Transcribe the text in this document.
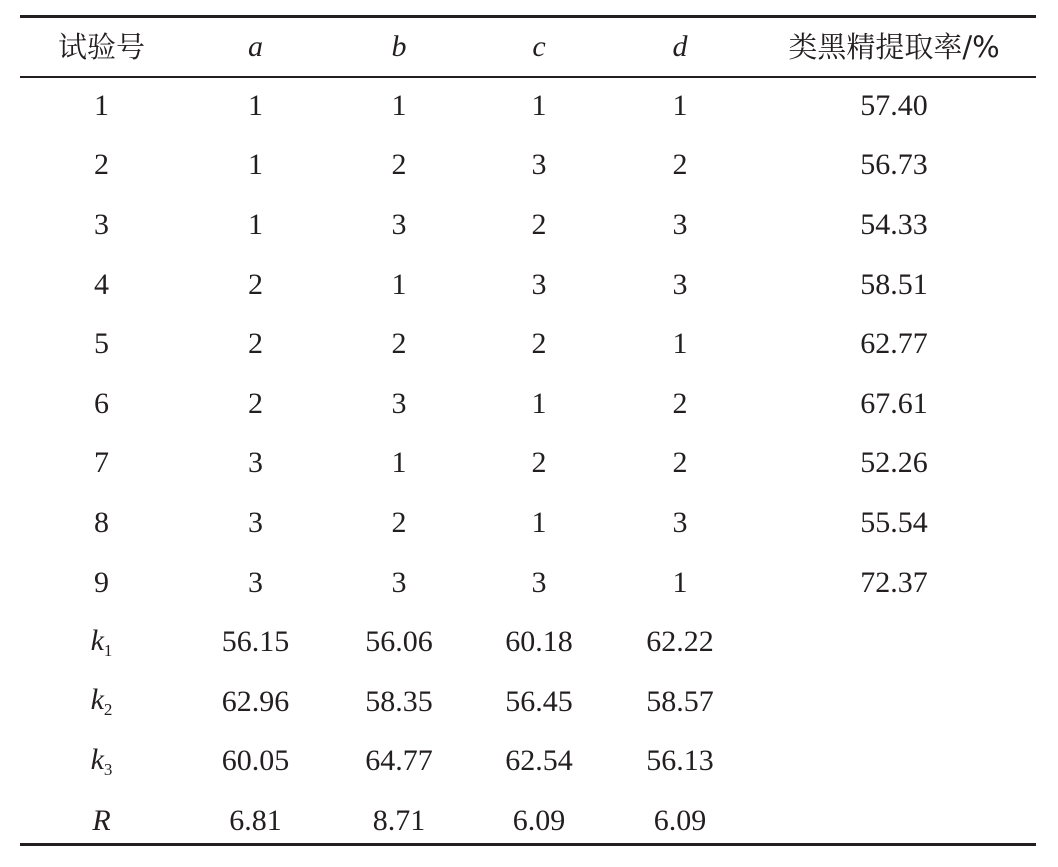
试验号	a	b	c	d	类黑精提取率/%
1	1	1	1	1	57.40
2	1	2	3	2	56.73
3	1	3	2	3	54.33
4	2	1	3	3	58.51
5	2	2	2	1	62.77
6	2	3	1	2	67.61
7	3	1	2	2	52.26
8	3	2	1	3	55.54
9	3	3	3	1	72.37
$k_1$	56.15	56.06	60.18	62.22
$k_2$	62.96	58.35	56.45	58.57
$k_3$	60.05	64.77	62.54	56.13
R	6.81	8.71	6.09	6.09
